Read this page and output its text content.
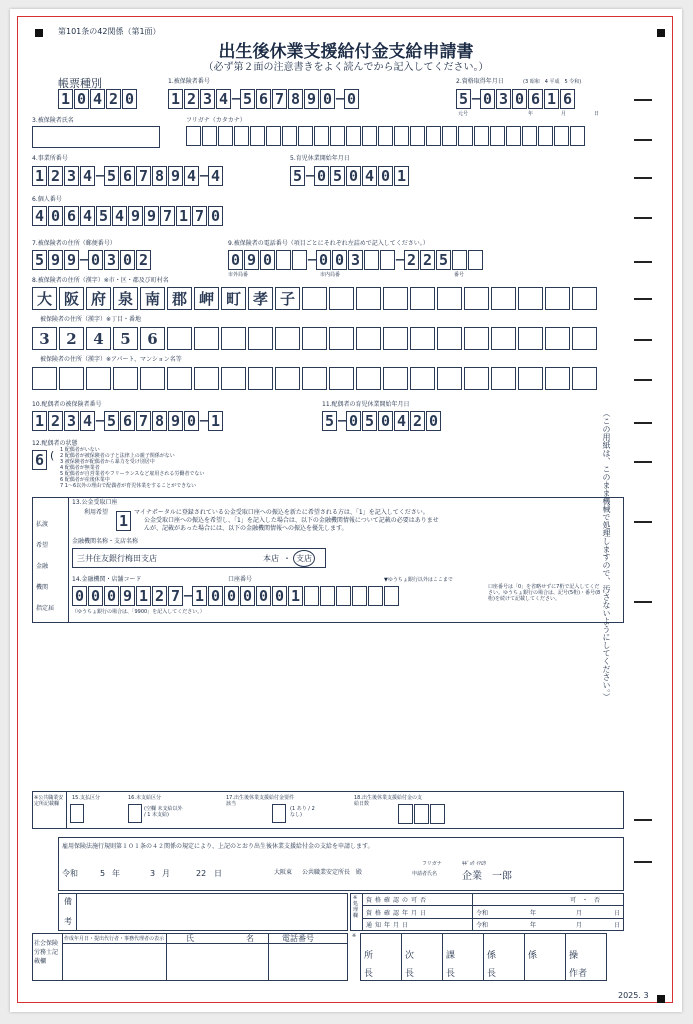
第101条の42関係（第1面）
出生後休業支援給付金支給申請書
（必ず第２面の注意書きをよく読んでから記入してください。）
帳票種別
1 0 4 2 0
1.被保険者番号
1 2 3 4 − 5 6 7 8 9 0 − 0
2.資格取得年月日	(3 昭和　4 平成　5 令和)
5 − 0 3 0 6 1 6
元号	年	月	日
3.被保険者氏名	フリガナ（カタカナ）
4.事業所番号
1 2 3 4 − 5 6 7 8 9 4 − 4
5.育児休業開始年月日
5 − 0 5 0 4 0 1
6.個人番号
4 0 6 4 5 4 9 9 7 1 7 0
7.被保険者の住所（郵便番号）
5 9 9 − 0 3 0 2
9.被保険者の電話番号（項目ごとにそれぞれ左詰めで記入してください。）
0 9 0	− 0 0 3	− 2 2 5
市外局番	市内局番	番号
8.被保険者の住所（漢字）※市・区・郡及び町村名
大 阪 府 泉 南 郡 岬 町 孝 子
被保険者の住所（漢字）※丁目・番地
3	2	4	5	6
被保険者の住所（漢字）※アパート、マンション名等
10.配偶者の被保険者番号
1 2 3 4 − 5 6 7 8 9 0 − 1
11.配偶者の育児休業開始年月日
5 − 0 5 0 4 2 0
12.配偶者の状態
6 ( 1 配偶者がいない
2 配偶者が被保険者の子と法律上の親子関係がない
3 被保険者が配偶者から暴力を受け別居中
4 配偶者が無業者
5 配偶者が自営業者やフリーランスなど雇用される労働者でない
6 配偶者が産後休業中
7 1〜6以外の理由で配偶者が育児休業をすることができない
13.公金受取口座
利用希望 1 マイナポータルに登録されている公金受取口座への振込を新たに希望される方は、「1」を記入してください。
公金受取口座への振込を希望し、「1」を記入した場合は、以下の金融機関情報について記載の必要はありませ
んが、記載があった場合には、以下の金融機関情報への振込を優先します。
払渡
希望
金融
機関
指定届
金融機関名称・支店名称
三井住友銀行梅田支店	本店 ・ 支店
14.金融機関・店舗コード	口座番号	▼ゆうちょ銀行以外はここまで
0 0 0 9 1 2 7 − 1 0 0 0 0 0 1
（ゆうちょ銀行の場合は、「9900」を記入してください。）
口座番号は「0」を省略せずに7桁で記入してください。ゆうちょ銀行の場合は、記号(5桁)・番号(8桁)を続けて記載してください。	（この用紙は、このまま機械で処理しますので、汚さないようにしてください。）
※公共職業安定所記載欄
15.支払区分	16.未支給区分
(空欄 未支給以外 / 1 未支給)
17.出生後休業支援給付金要件該当
(1 あり / 2 なし)
18.出生後休業支援給付金の支給日数
雇用保険法施行規則第１０１条の４２関係の規定により、上記のとおり出生後休業支援給付金の支給を申請します。
令和	5 年	3 月	22 日	大阪東 公共職業安定所長　殿
フリガナ	ｷｷﾞｮｳ ｲﾁﾛｳ
申請者氏名 企業　一郎
備
考
※処理欄
資格確認の可否	可　・　否
資格確認年月日
通知年月日
令和	年	月	日
令和	年	月	日
社会保険労務士記載欄
作成年月日・提出代行者・事務代理者の表示	氏	名	電話番号	※
所
長
次
長
課
長
係
長
係	操
作者
2025. 3
